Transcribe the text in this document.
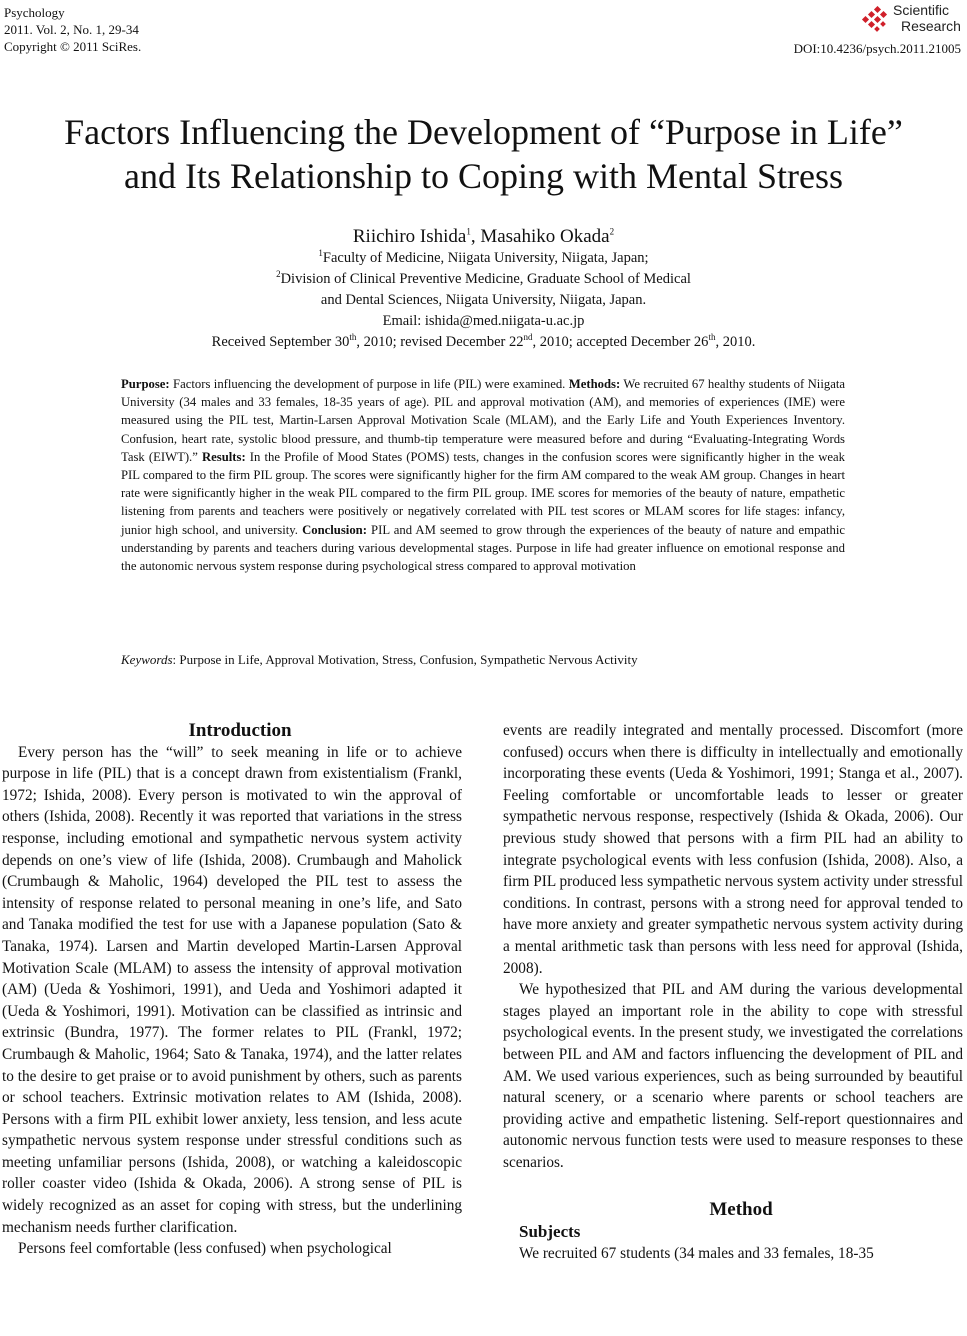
Psychology
2011. Vol. 2, No. 1, 29-34
Copyright © 2011 SciRes.
Scientific
Research
DOI:10.4236/psych.2011.21005
Factors Influencing the Development of “Purpose in Life”
and Its Relationship to Coping with Mental Stress
Riichiro Ishida$^1$, Masahiko Okada$^2$
$^1$Faculty of Medicine, Niigata University, Niigata, Japan;
$^2$Division of Clinical Preventive Medicine, Graduate School of Medical
and Dental Sciences, Niigata University, Niigata, Japan.
Email: ishida@med.niigata-u.ac.jp
Received September 30th, 2010; revised December 22nd, 2010; accepted December 26th, 2010.
Purpose: Factors influencing the development of purpose in life (PIL) were examined. Methods: We recruited 67 healthy students of Niigata University (34 males and 33 females, 18-35 years of age). PIL and approval motivation (AM), and memories of experiences (IME) were measured using the PIL test, Martin-Larsen Approval Motivation Scale (MLAM), and the Early Life and Youth Experiences Inventory. Confusion, heart rate, systolic blood pressure, and thumb-tip temperature were measured before and during “Evaluating-Integrating Words Task (EIWT).” Results: In the Profile of Mood States (POMS) tests, changes in the confusion scores were significantly higher in the weak PIL compared to the firm PIL group. The scores were significantly higher for the firm AM compared to the weak AM group. Changes in heart rate were significantly higher in the weak PIL compared to the firm PIL group. IME scores for memories of the beauty of nature, empathetic listening from parents and teachers were positively or negatively correlated with PIL test scores or MLAM scores for life stages: infancy, junior high school, and university. Conclusion: PIL and AM seemed to grow through the experiences of the beauty of nature and empathic understanding by parents and teachers during various developmental stages. Purpose in life had greater influence on emotional response and the autonomic nervous system response during psychological stress compared to approval motivation
Keywords: Purpose in Life, Approval Motivation, Stress, Confusion, Sympathetic Nervous Activity

Introduction

Every person has the “will” to seek meaning in life or to achieve purpose in life (PIL) that is a concept drawn from existentialism (Frankl, 1972; Ishida, 2008). Every person is motivated to win the approval of others (Ishida, 2008). Recently it was reported that variations in the stress response, including emotional and sympathetic nervous system activity depends on one’s view of life (Ishida, 2008). Crumbaugh and Maholick (Crumbaugh & Maholic, 1964) developed the PIL test to assess the intensity of response related to personal meaning in one’s life, and Sato and Tanaka modified the test for use with a Japanese population (Sato & Tanaka, 1974). Larsen and Martin developed Martin-Larsen Approval Motivation Scale (MLAM) to assess the intensity of approval motivation (AM) (Ueda & Yoshimori, 1991), and Ueda and Yoshimori adapted it (Ueda & Yoshimori, 1991). Motivation can be classified as intrinsic and extrinsic (Bundra, 1977). The former relates to PIL (Frankl, 1972; Crumbaugh & Maholic, 1964; Sato & Tanaka, 1974), and the latter relates to the desire to get praise or to avoid punishment by others, such as parents or school teachers. Extrinsic motivation relates to AM (Ishida, 2008). Persons with a firm PIL exhibit lower anxiety, less tension, and less acute sympathetic nervous system response under stressful conditions such as meeting unfamiliar persons (Ishida, 2008), or watching a kaleidoscopic roller coaster video (Ishida & Okada, 2006). A strong sense of PIL is widely recognized as an asset for coping with stress, but the underlining mechanism needs further clarification.

Persons feel comfortable (less confused) when psychological

events are readily integrated and mentally processed. Discomfort (more confused) occurs when there is difficulty in intellectually and emotionally incorporating these events (Ueda & Yoshimori, 1991; Stanga et al., 2007). Feeling comfortable or uncomfortable leads to lesser or greater sympathetic nervous response, respectively (Ishida & Okada, 2006). Our previous study showed that persons with a firm PIL had an ability to integrate psychological events with less confusion (Ishida, 2008). Also, a firm PIL produced less sympathetic nervous system activity under stressful conditions. In contrast, persons with a strong need for approval tended to have more anxiety and greater sympathetic nervous system activity during a mental arithmetic task than persons with less need for approval (Ishida, 2008).

We hypothesized that PIL and AM during the various developmental stages played an important role in the ability to cope with stressful psychological events. In the present study, we investigated the correlations between PIL and AM and factors influencing the development of PIL and AM. We used various experiences, such as being surrounded by beautiful natural scenery, or a scenario where parents or school teachers are providing active and empathetic listening. Self-report questionnaires and autonomic nervous function tests were used to measure responses to these scenarios.

Method

Subjects

We recruited 67 students (34 males and 33 females, 18-35
